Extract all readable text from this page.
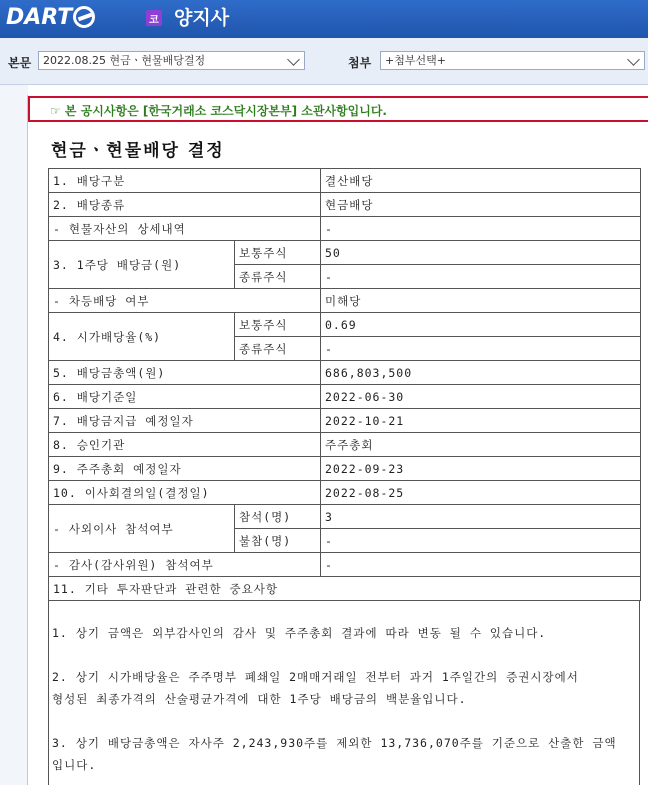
DART	코 양지사
본문	2022.08.25 현금ㆍ현물배당결정	첨부	+첨부선택+
☞ 본 공시사항은 [한국거래소 코스닥시장본부] 소관사항입니다.
현금ㆍ현물배당 결정
1. 배당구분		결산배당
2. 배당종류		현금배당
- 현물자산의 상세내역		-
3. 1주당 배당금(원)	보통주식	50
	종류주식	-
- 차등배당 여부		미해당
4. 시가배당율(%)	보통주식	0.69
	종류주식	-
5. 배당금총액(원)		686,803,500
6. 배당기준일		2022-06-30
7. 배당금지급 예정일자		2022-10-21
8. 승인기관		주주총회
9. 주주총회 예정일자		2022-09-23
10. 이사회결의일(결정일)		2022-08-25
- 사외이사 참석여부	참석(명)	3
	불참(명)	-
- 감사(감사위원) 참석여부		-
11. 기타 투자판단과 관련한 중요사항		

1. 상기 금액은 외부감사인의 감사 및 주주총회 결과에 따라 변동 될 수 있습니다.

2. 상기 시가배당율은 주주명부 폐쇄일 2매매거래일 전부터 과거 1주일간의 증권시장에서

형성된 최종가격의 산술평균가격에 대한 1주당 배당금의 백분율입니다.

3. 상기 배당금총액은 자사주 2,243,930주를 제외한 13,736,070주를 기준으로 산출한 금액

입니다.
